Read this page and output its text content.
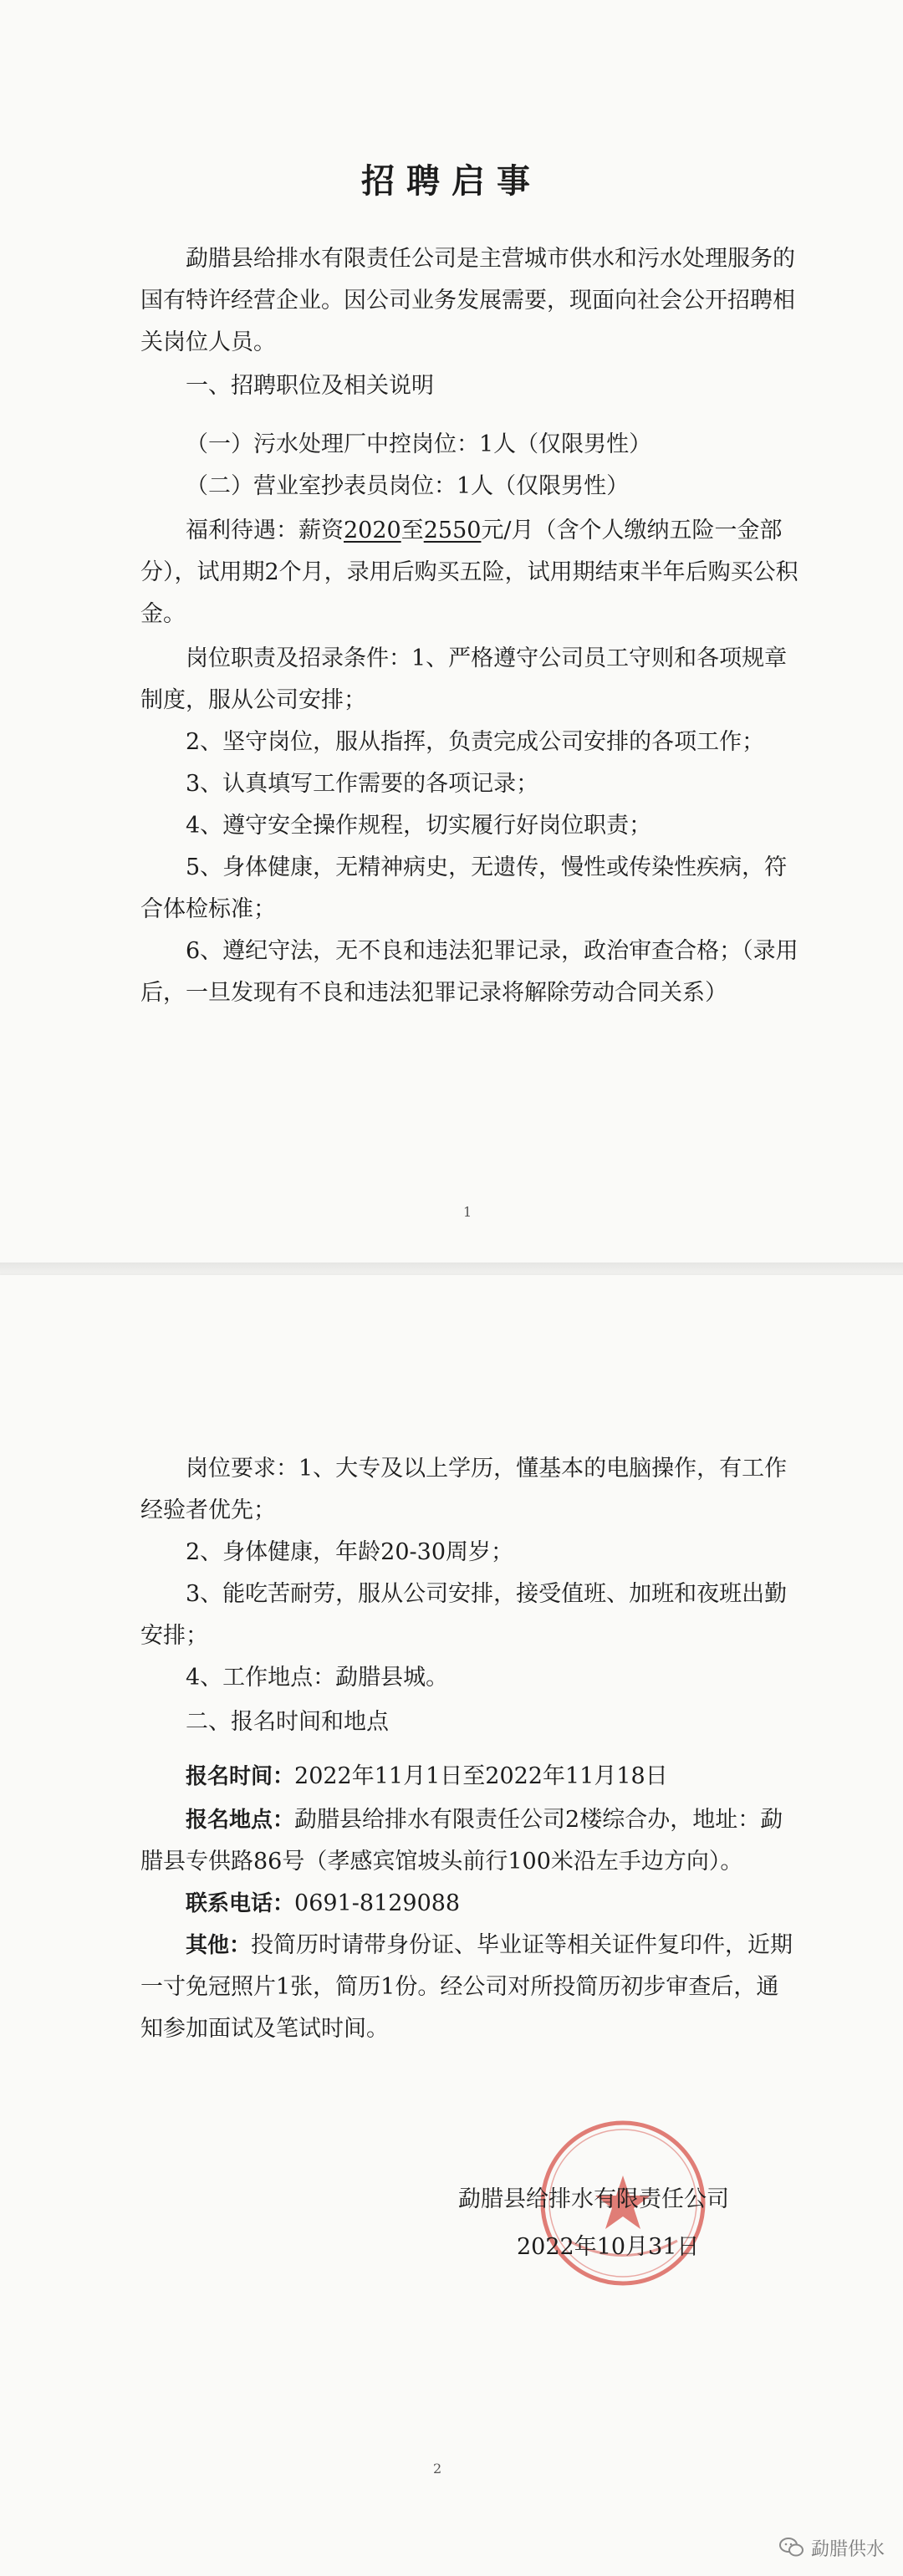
招聘启事

勐腊县给排水有限责任公司是主营城市供水和污水处理服务的国有特许经营企业。因公司业务发展需要，现面向社会公开招聘相关岗位人员。

一、招聘职位及相关说明

（一）污水处理厂中控岗位：1人（仅限男性）

（二）营业室抄表员岗位：1人（仅限男性）

福利待遇：薪资2020至2550元/月（含个人缴纳五险一金部分），试用期2个月，录用后购买五险，试用期结束半年后购买公积金。

岗位职责及招录条件：1、严格遵守公司员工守则和各项规章制度，服从公司安排；

2、坚守岗位，服从指挥，负责完成公司安排的各项工作；

3、认真填写工作需要的各项记录；

4、遵守安全操作规程，切实履行好岗位职责；

5、身体健康，无精神病史，无遗传，慢性或传染性疾病，符合体检标准；

6、遵纪守法，无不良和违法犯罪记录，政治审查合格；（录用后，一旦发现有不良和违法犯罪记录将解除劳动合同关系）

1

岗位要求：1、大专及以上学历，懂基本的电脑操作，有工作经验者优先；

2、身体健康，年龄20-30周岁；

3、能吃苦耐劳，服从公司安排，接受值班、加班和夜班出勤安排；

4、工作地点：勐腊县城。

二、报名时间和地点

报名时间：2022年11月1日至2022年11月18日

报名地点：勐腊县给排水有限责任公司2楼综合办，地址：勐腊县专供路86号（孝感宾馆坡头前行100米沿左手边方向）。

联系电话：0691-8129088

其他：投简历时请带身份证、毕业证等相关证件复印件，近期一寸免冠照片1张，简历1份。经公司对所投简历初步审查后，通知参加面试及笔试时间。

勐腊县给排水有限责任公司
2022年10月31日
2
勐腊供水
